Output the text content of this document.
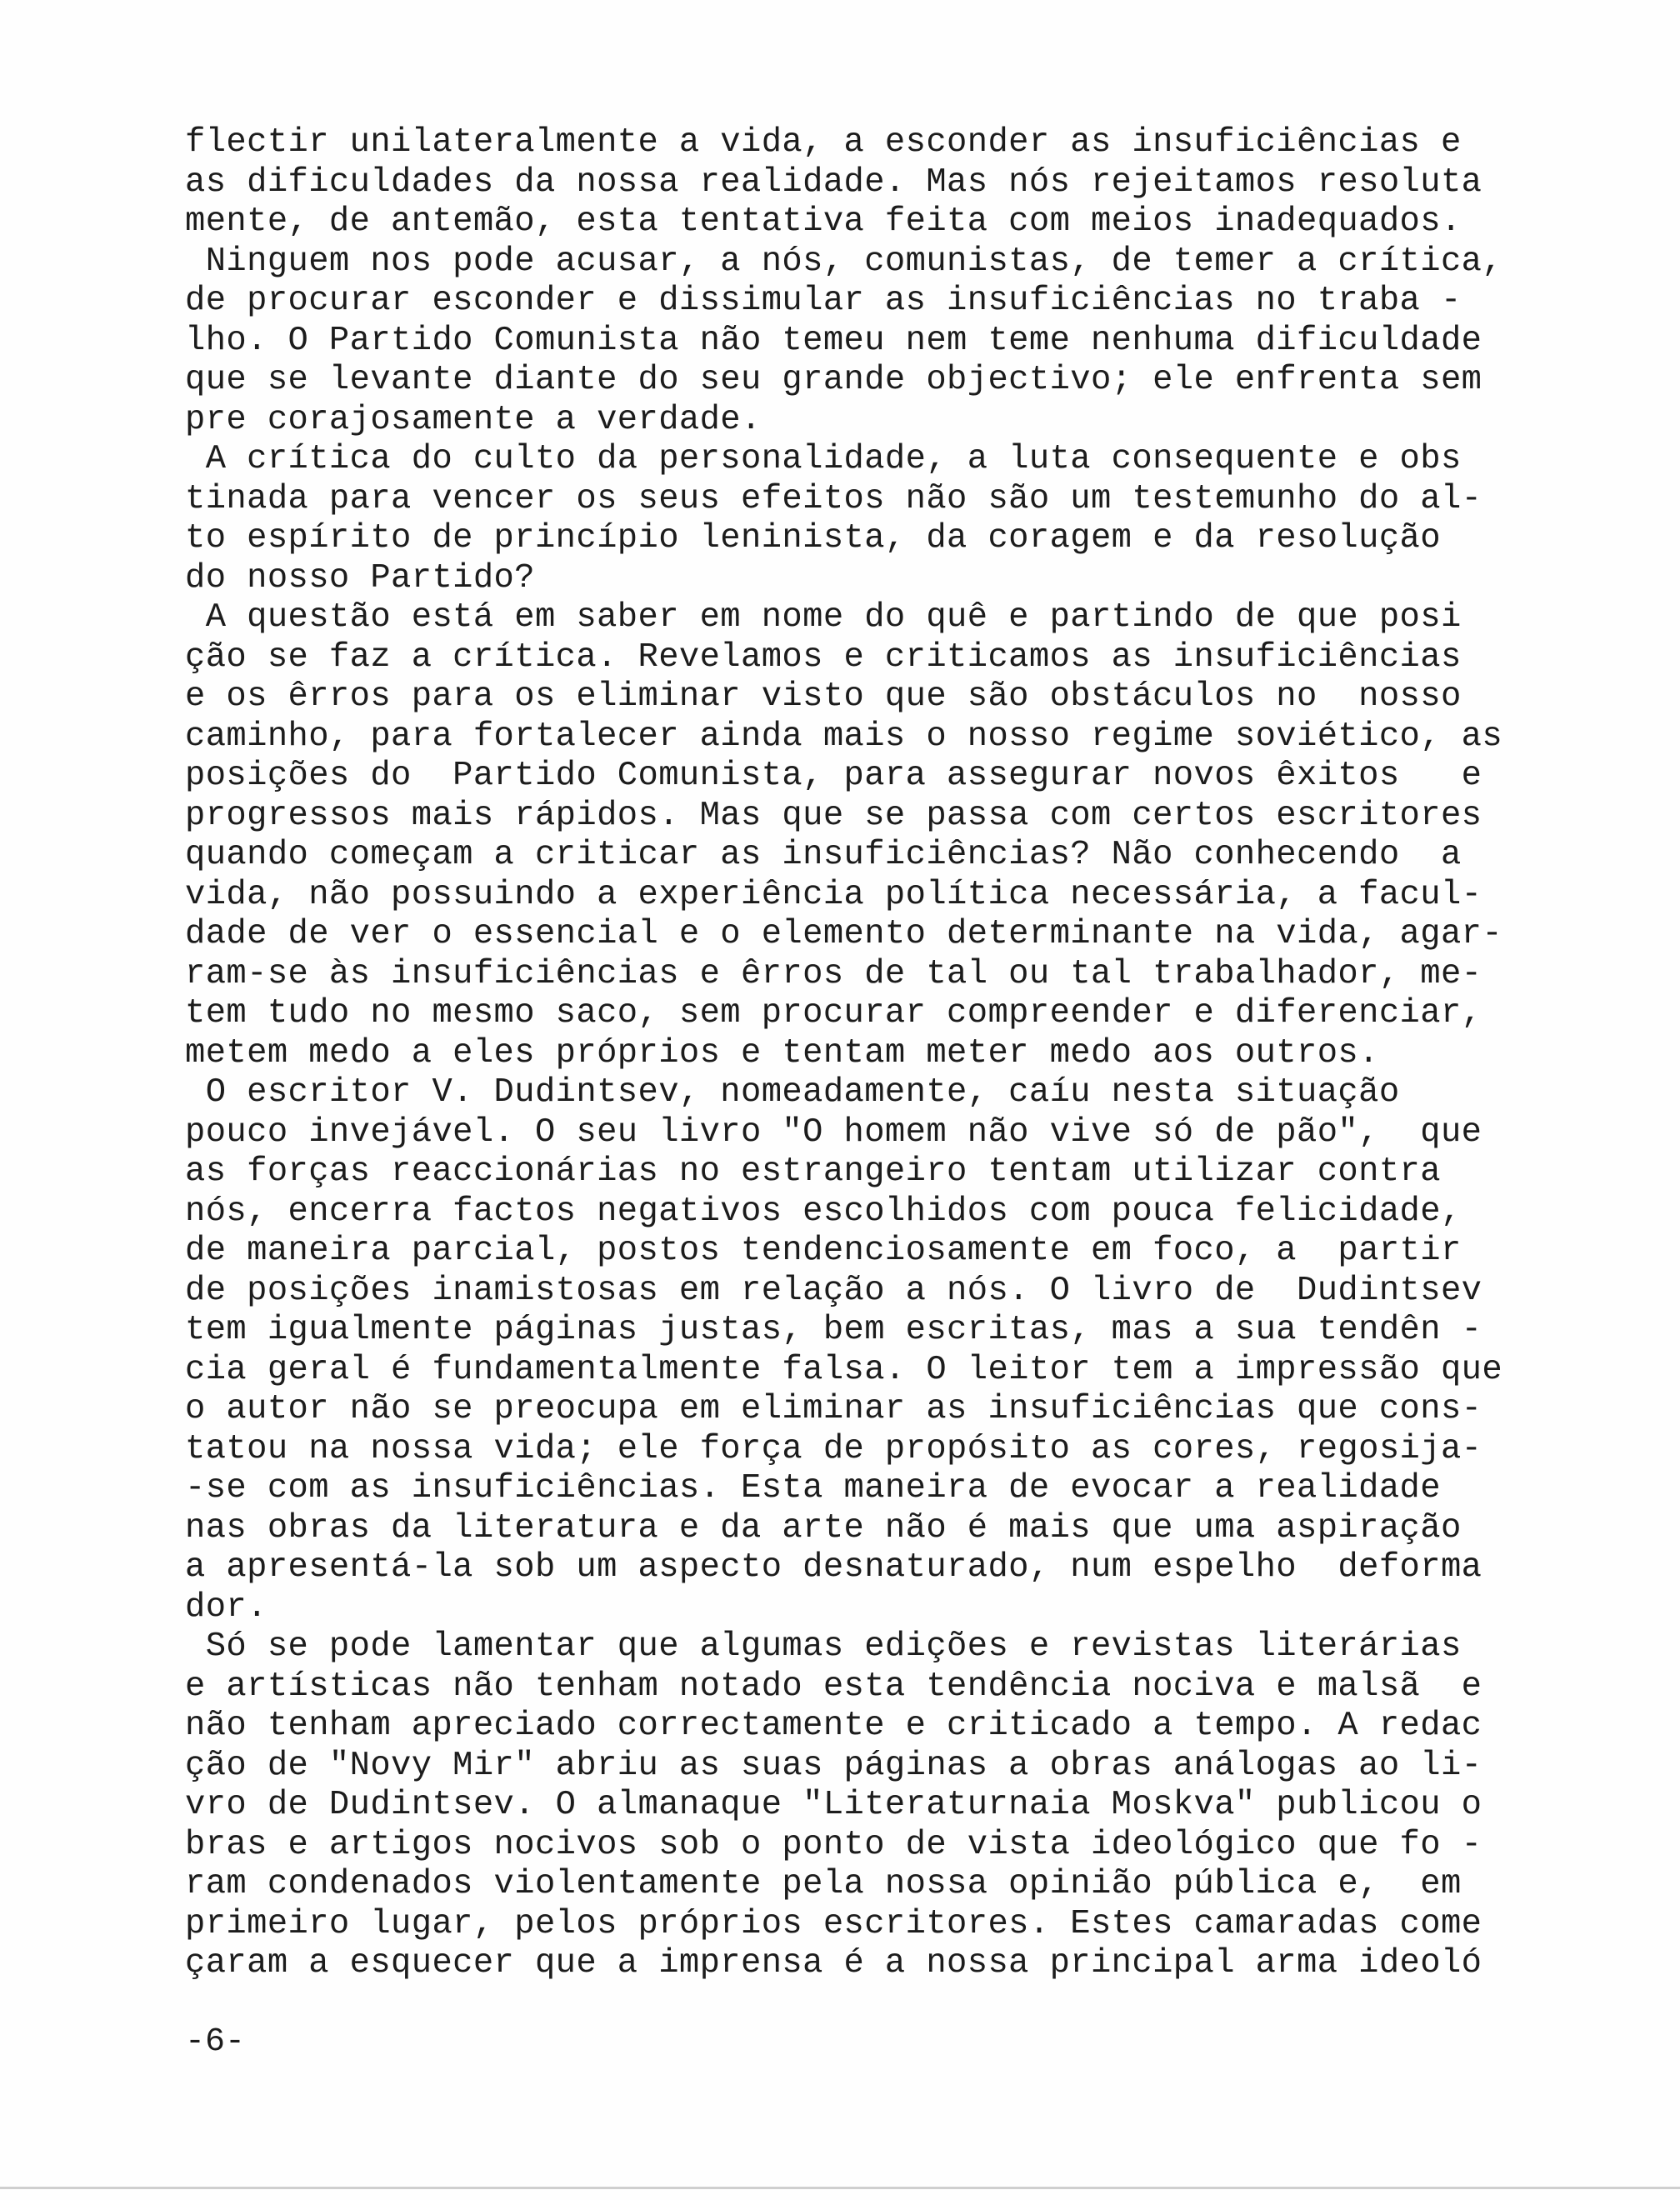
flectir unilateralmente a vida, a esconder as insuficiências e
as dificuldades da nossa realidade. Mas nós rejeitamos resoluta
mente, de antemão, esta tentativa feita com meios inadequados.
Ninguem nos pode acusar, a nós, comunistas, de temer a crítica,
de procurar esconder e dissimular as insuficiências no traba -
lho. O Partido Comunista não temeu nem teme nenhuma dificuldade
que se levante diante do seu grande objectivo; ele enfrenta sem
pre corajosamente a verdade.
A crítica do culto da personalidade, a luta consequente e obs
tinada para vencer os seus efeitos não são um testemunho do al-
to espírito de princípio leninista, da coragem e da resolução
do nosso Partido?
A questão está em saber em nome do quê e partindo de que posi
ção se faz a crítica. Revelamos e criticamos as insuficiências
e os êrros para os eliminar visto que são obstáculos no  nosso
caminho, para fortalecer ainda mais o nosso regime soviético, as
posições do  Partido Comunista, para assegurar novos êxitos   e
progressos mais rápidos. Mas que se passa com certos escritores
quando começam a criticar as insuficiências? Não conhecendo  a
vida, não possuindo a experiência política necessária, a facul-
dade de ver o essencial e o elemento determinante na vida, agar-
ram-se às insuficiências e êrros de tal ou tal trabalhador, me-
tem tudo no mesmo saco, sem procurar compreender e diferenciar,
metem medo a eles próprios e tentam meter medo aos outros.
O escritor V. Dudintsev, nomeadamente, caíu nesta situação
pouco invejável. O seu livro "O homem não vive só de pão",  que
as forças reaccionárias no estrangeiro tentam utilizar contra
nós, encerra factos negativos escolhidos com pouca felicidade,
de maneira parcial, postos tendenciosamente em foco, a  partir
de posições inamistosas em relação a nós. O livro de  Dudintsev
tem igualmente páginas justas, bem escritas, mas a sua tendên -
cia geral é fundamentalmente falsa. O leitor tem a impressão que
o autor não se preocupa em eliminar as insuficiências que cons-
tatou na nossa vida; ele força de propósito as cores, regosija-
-se com as insuficiências. Esta maneira de evocar a realidade
nas obras da literatura e da arte não é mais que uma aspiração
a apresentá-la sob um aspecto desnaturado, num espelho  deforma
dor.
Só se pode lamentar que algumas edições e revistas literárias
e artísticas não tenham notado esta tendência nociva e malsã  e
não tenham apreciado correctamente e criticado a tempo. A redac
ção de "Novy Mir" abriu as suas páginas a obras análogas ao li-
vro de Dudintsev. O almanaque "Literaturnaia Moskva" publicou o
bras e artigos nocivos sob o ponto de vista ideológico que fo -
ram condenados violentamente pela nossa opinião pública e,  em
primeiro lugar, pelos próprios escritores. Estes camaradas come
çaram a esquecer que a imprensa é a nossa principal arma ideoló
-6-
